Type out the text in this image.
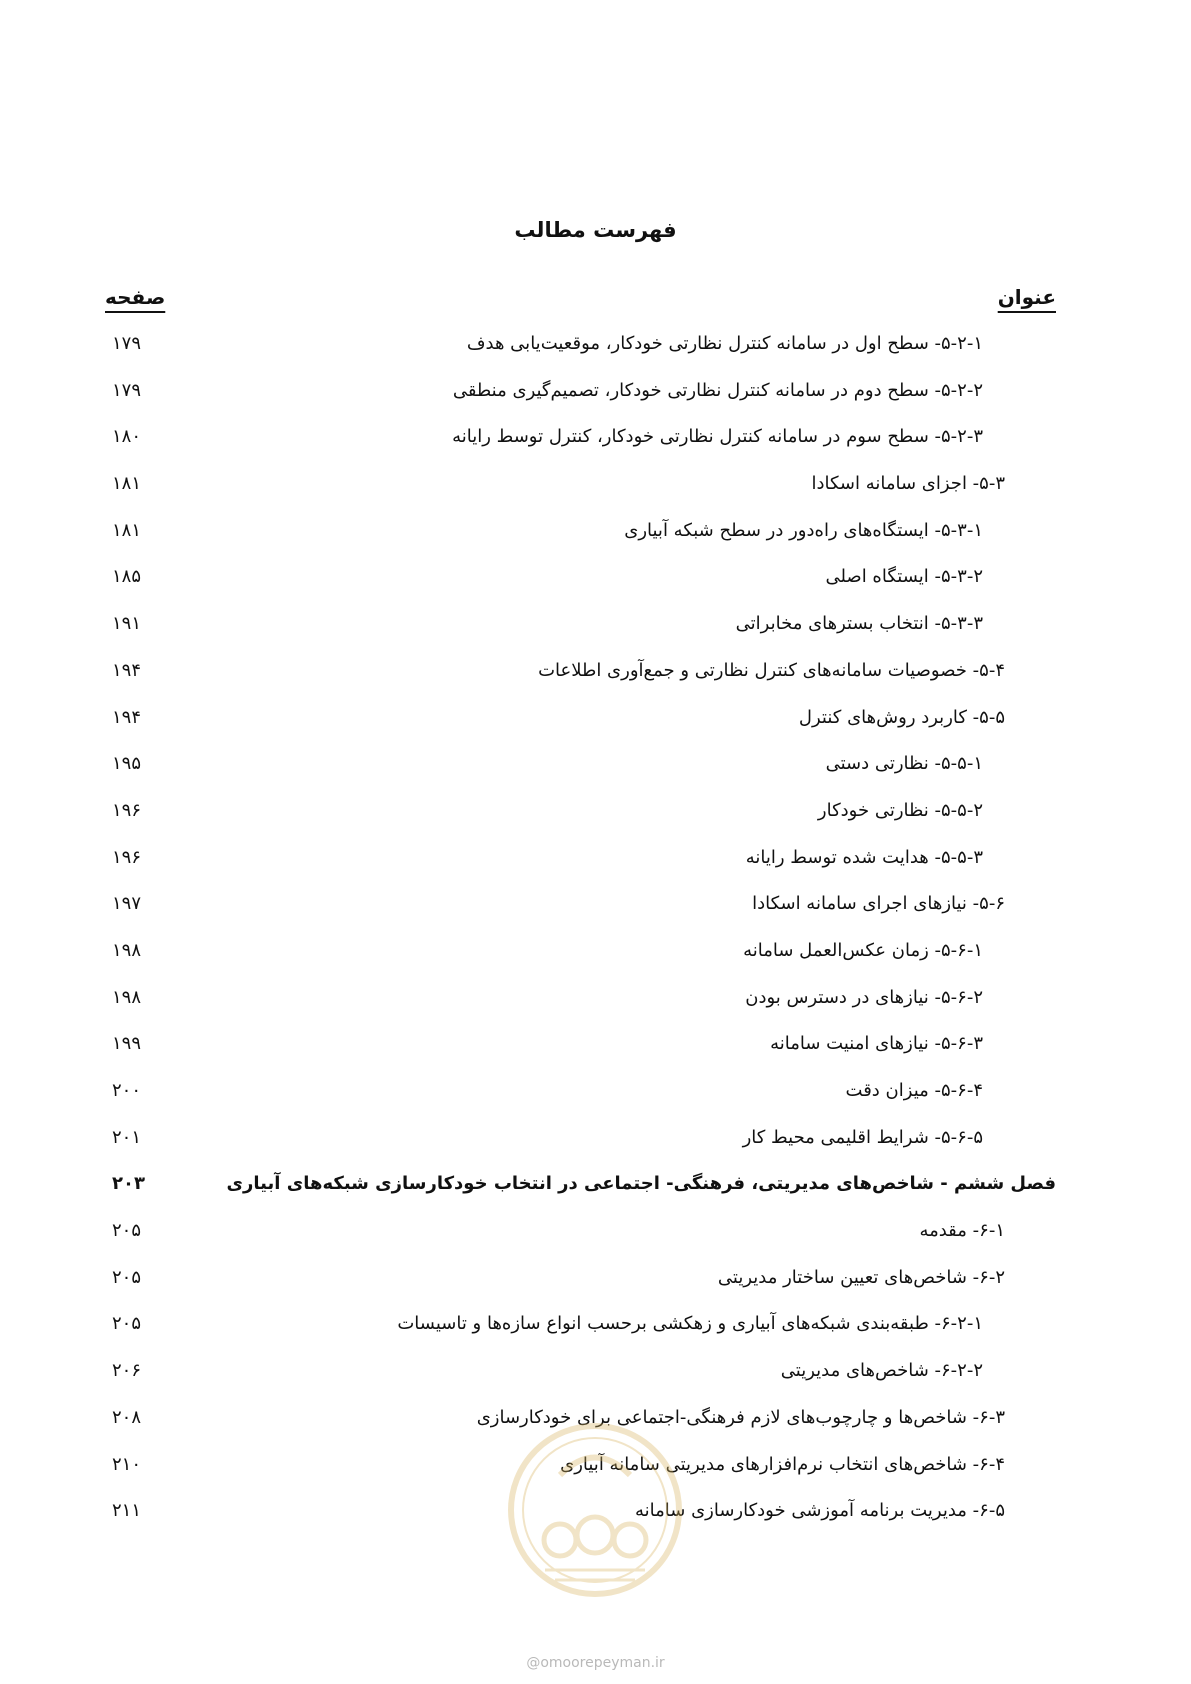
فهرست مطالب
عنوان
صفحه
۵-۲-۱- سطح اول در سامانه کنترل نظارتی خودکار، موقعیت‌یابی هدف
۱۷۹
۵-۲-۲- سطح دوم در سامانه کنترل نظارتی خودکار، تصمیم‌گیری منطقی
۱۷۹
۵-۲-۳- سطح سوم در سامانه کنترل نظارتی خودکار، کنترل توسط رایانه
۱۸۰
۵-۳- اجزای سامانه اسکادا
۱۸۱
۵-۳-۱- ایستگاه‌های راه‌دور در سطح شبکه آبیاری
۱۸۱
۵-۳-۲- ایستگاه اصلی
۱۸۵
۵-۳-۳- انتخاب بسترهای مخابراتی
۱۹۱
۵-۴- خصوصیات سامانه‌های کنترل نظارتی و جمع‌آوری اطلاعات
۱۹۴
۵-۵- کاربرد روش‌های کنترل
۱۹۴
۵-۵-۱- نظارتی دستی
۱۹۵
۵-۵-۲- نظارتی خودکار
۱۹۶
۵-۵-۳- هدایت شده توسط رایانه
۱۹۶
۵-۶- نیازهای اجرای سامانه اسکادا
۱۹۷
۵-۶-۱- زمان عکس‌العمل سامانه
۱۹۸
۵-۶-۲- نیازهای در دسترس بودن
۱۹۸
۵-۶-۳- نیازهای امنیت سامانه
۱۹۹
۵-۶-۴- میزان دقت
۲۰۰
۵-۶-۵- شرایط اقلیمی محیط کار
۲۰۱
فصل ششم - شاخص‌های مدیریتی، فرهنگی- اجتماعی در انتخاب خودکارسازی شبکه‌های آبیاری
۲۰۳
۶-۱- مقدمه
۲۰۵
۶-۲- شاخص‌های تعیین ساختار مدیریتی
۲۰۵
۶-۲-۱- طبقه‌بندی شبکه‌های آبیاری و زهکشی برحسب انواع سازه‌ها و تاسیسات
۲۰۵
۶-۲-۲- شاخص‌های مدیریتی
۲۰۶
۶-۳- شاخص‌ها و چارچوب‌های لازم فرهنگی-اجتماعی برای خودکارسازی
۲۰۸
۶-۴- شاخص‌های انتخاب نرم‌افزارهای مدیریتی سامانه آبیاری
۲۱۰
۶-۵- مدیریت برنامه آموزشی خودکارسازی سامانه
۲۱۱
@omoorepeyman.ir
